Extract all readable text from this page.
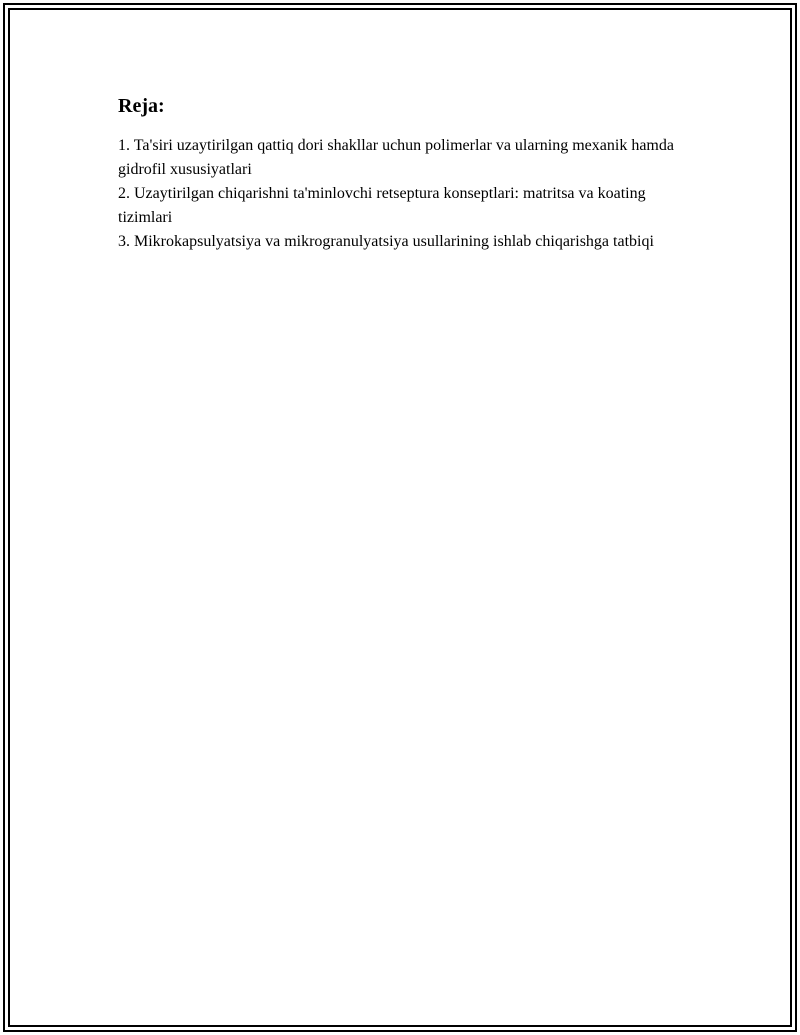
Reja:
1. Ta'siri uzaytirilgan qattiq dori shakllar uchun polimerlar va ularning mexanik hamda gidrofil xususiyatlari
2. Uzaytirilgan chiqarishni ta'minlovchi retseptura konseptlari: matritsa va koating tizimlari
3. Mikrokapsulyatsiya va mikrogranulyatsiya usullarining ishlab chiqarishga tatbiqi
